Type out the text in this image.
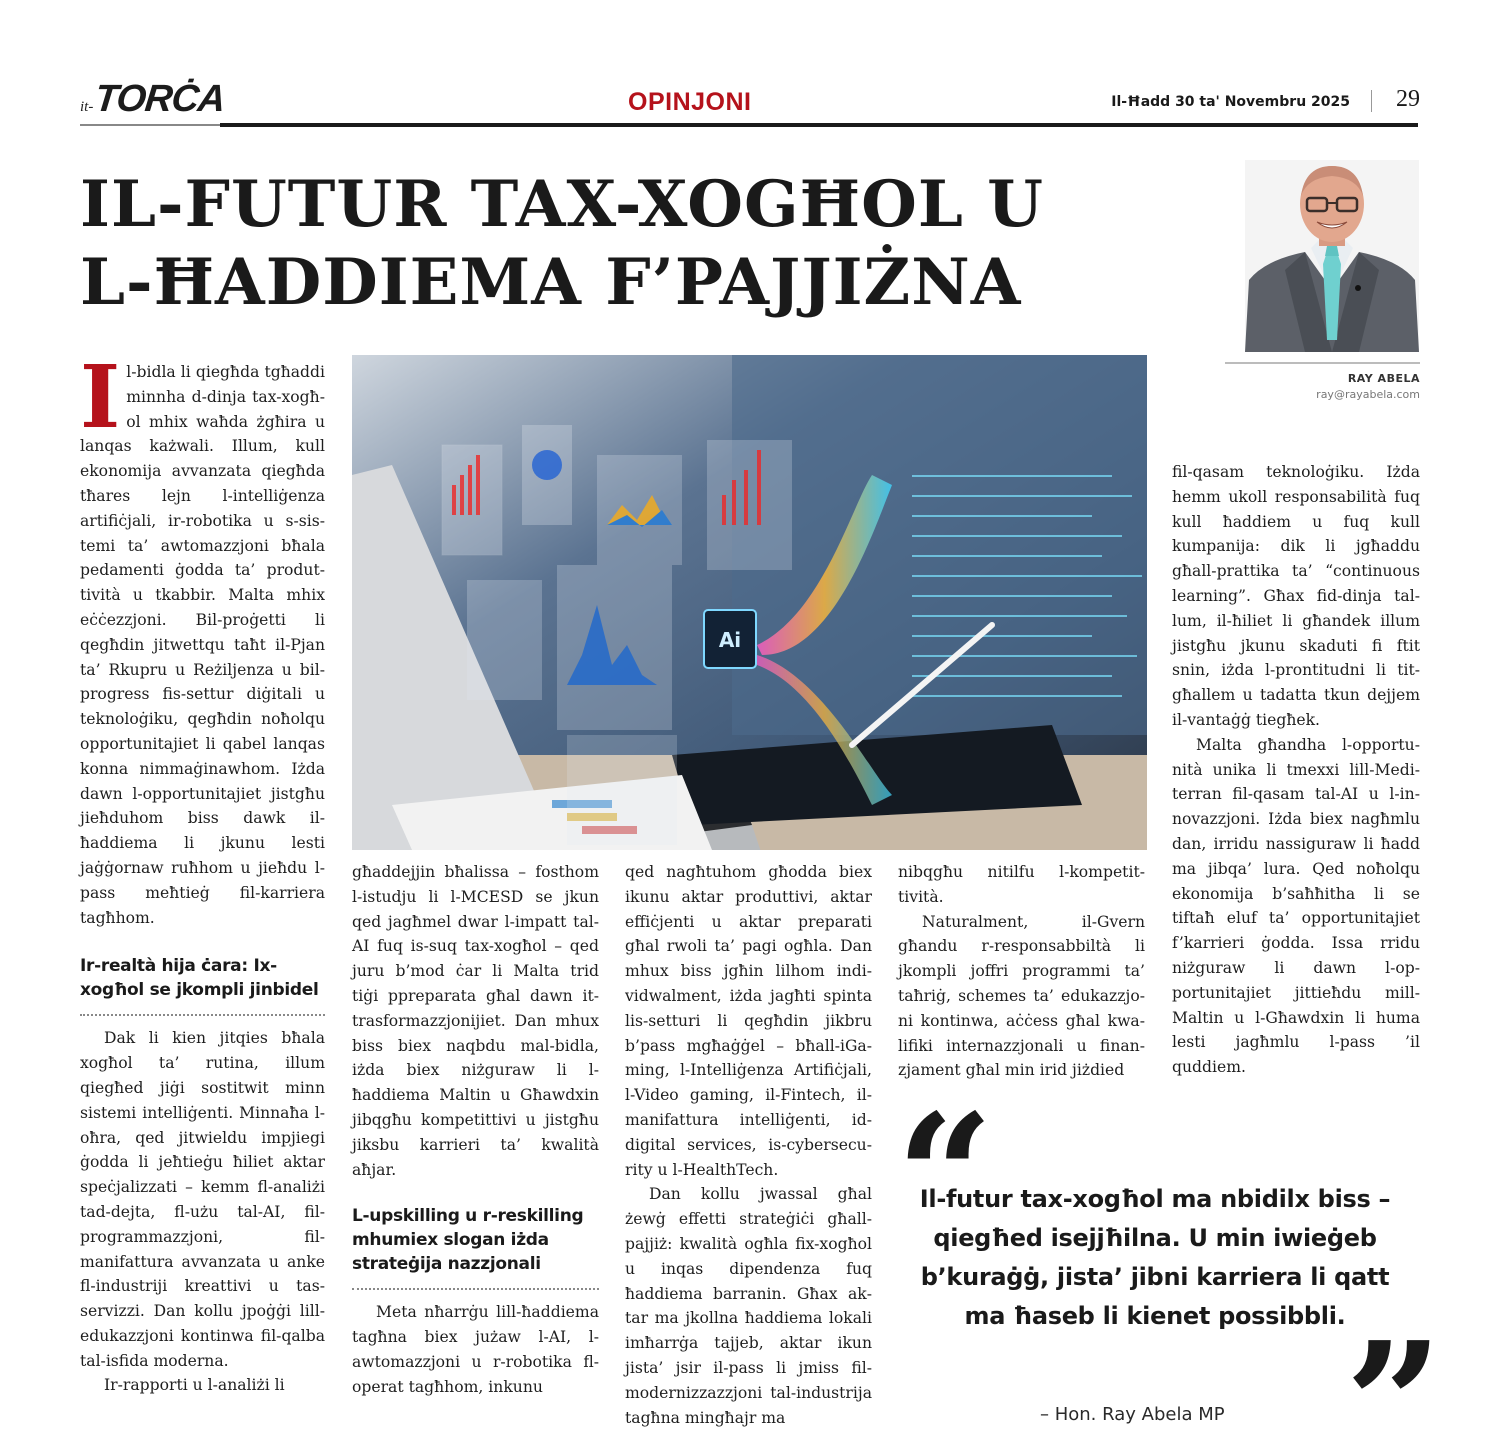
it- TORĊA	OPINJONI	Il-Ħadd 30 ta' Novembru 2025 29
IL-FUTUR TAX-XOGĦOL U
L-ĦADDIEMA F’PAJJIŻNA
RAY ABELA
ray@rayabela.com
Ai
I l-bidla li qiegħda tgħaddi minnha d-dinja tax-xogħol mhix waħda żgħira u lanqas każwali. Illum, kull ekonomija avvanzata qiegħda tħares lejn l-intelliġenza artifiċjali, ir-robotika u s-sistemi ta’ awtomazzjoni bħala pedamenti ġodda ta’ produttività u tkabbir. Malta mhix eċċezzjoni. Bil-proġetti li qegħdin jitwettqu taħt il-Pjan ta’ Rkupru u Reżiljenza u bil-progress fis-settur diġitali u teknoloġiku, qegħdin noħolqu opportunitajiet li qabel lanqas konna nimmaġinawhom. Iżda dawn l-opportunitajiet jistgħu jieħduhom biss dawk il-ħaddiema li jkunu lesti jaġġornaw ruħhom u jieħdu l-pass meħtieġ fil-karriera tagħhom.

Ir-realtà hija ċara: Ix-xogħol se jkompli jinbidel

Dak li kien jitqies bħala xogħol ta’ rutina, illum qiegħed jiġi sostitwit minn sistemi intelliġenti. Minnaħa l-oħra, qed jitwieldu impjiegi ġodda li jeħtieġu ħiliet aktar speċjalizzati – kemm fl-analiżi tad-dejta, fl-użu tal-AI, fil-programmazzjoni, fil-manifattura avvanzata u anke fl-industriji kreattivi u tas-servizzi. Dan kollu jpoġġi lill-edukazzjoni kontinwa fil-qalba tal-isfida moderna.

Ir-rapporti u l-analiżi li

għaddejjin bħalissa – fosthom l-istudju li l-MCESD se jkun qed jagħmel dwar l-impatt tal-AI fuq is-suq tax-xogħol – qed juru b’mod ċar li Malta trid tiġi ppreparata għal dawn it-trasformazzjonijiet. Dan mhux biss biex naqbdu mal-bidla, iżda biex niżguraw li l-ħaddiema Maltin u Għawdxin jibqgħu kompetittivi u jistgħu jiksbu karrieri ta’ kwalità aħjar.

L-upskilling u r-reskilling mhumiex slogan iżda strateġija nazzjonali

Meta nħarrġu lill-ħaddiema tagħna biex jużaw l-AI, l-awtomazzjoni u r-robotika fl-operat tagħhom, inkunu

qed nagħtuhom għodda biex ikunu aktar produttivi, aktar effiċjenti u aktar preparati għal rwoli ta’ pagi ogħla. Dan mhux biss jgħin lilhom individwalment, iżda jagħti spinta lis-setturi li qegħdin jikbru b’pass mgħaġġel – bħall-iGaming, l-Intelliġenza Artifiċjali, l-Video gaming, il-Fintech, il-manifattura intelliġenti, id-digital services, is-cybersecurity u l-HealthTech.

Dan kollu jwassal għal żewġ effetti strateġiċi għall-pajjiż: kwalità ogħla fix-xogħol u inqas dipendenza fuq ħaddiema barranin. Għax aktar ma jkollna ħaddiema lokali imħarrġa tajjeb, aktar ikun jista’ jsir il-pass li jmiss fil-modernizzazzjoni tal-industrija tagħna mingħajr ma

nibqgħu nitilfu l-kompetittività.

Naturalment, il-Gvern għandu r-responsabbiltà li jkompli joffri programmi ta’ taħriġ, schemes ta’ edukazzjoni kontinwa, aċċess għal kwalifiki internazzjonali u finanzjament għal min irid jiżdied

fil-qasam teknoloġiku. Iżda hemm ukoll responsabilità fuq kull ħaddiem u fuq kull kumpanija: dik li jgħaddu għall-prattika ta’ “continuous learning”. Għax fid-dinja tallum, il-ħiliet li għandek illum jistgħu jkunu skaduti fi ftit snin, iżda l-prontitudni li titgħallem u tadatta tkun dejjem il-vantaġġ tiegħek.

Malta għandha l-opportunità unika li tmexxi lill-Mediterran fil-qasam tal-AI u l-innovazzjoni. Iżda biex nagħmlu dan, irridu nassiguraw li ħadd ma jibqa’ lura. Qed noħolqu ekonomija b’saħħitha li se tiftaħ eluf ta’ opportunitajiet f’karrieri ġodda. Issa rridu niżguraw li dawn l-opportunitajiet jittieħdu mill-Maltin u l-Għawdxin li huma lesti jagħmlu l-pass ’il quddiem.

“
Il-futur tax-xogħol ma nbidilx biss – qiegħed isejjħilna. U min iwieġeb b’kuraġġ, jista’ jibni karriera li qatt ma ħaseb li kienet possibbli. ”
– Hon. Ray Abela MP
